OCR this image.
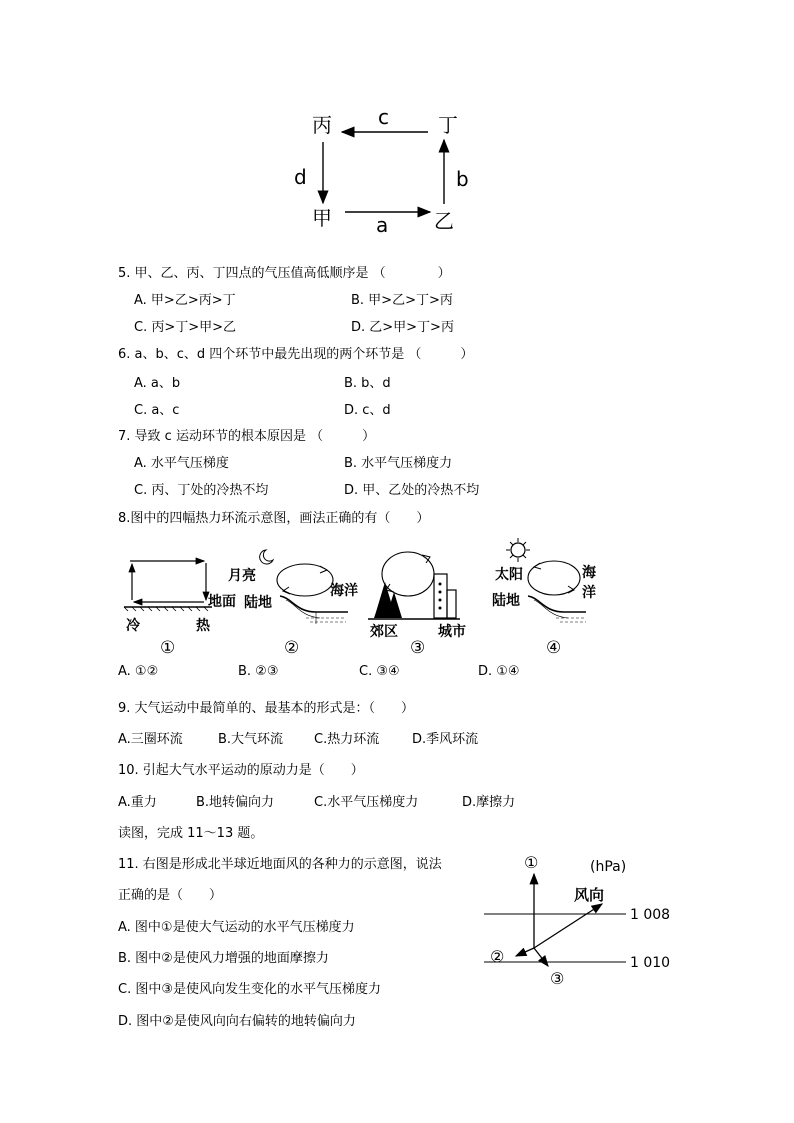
丙	丁
甲	乙
c
d	b
a
5. 甲、乙、丙、丁四点的气压值高低顺序是 （　　　　）
A. 甲>乙>丙>丁	B. 甲>乙>丁>丙
C. 丙>丁>甲>乙	D. 乙>甲>丁>丙
6. a、b、c、d 四个环节中最先出现的两个环节是 （　　　）
A. a、b	B. b、d
C. a、c	D. c、d
7. 导致 c 运动环节的根本原因是 （　　　）
A. 水平气压梯度	B. 水平气压梯度力
C. 丙、丁处的冷热不均	D. 甲、乙处的冷热不均
8.图中的四幅热力环流示意图，画法正确的有（　　）
地面
冷	热
①
月亮
陆地
海洋
②
郊区	城市
③
太阳
陆地
海
洋
④
A. ①②	B. ②③	C. ③④	D. ①④
9. 大气运动中最简单的、最基本的形式是：（　　）
A.三圈环流	B.大气环流 C.热力环流	D.季风环流
10. 引起大气水平运动的原动力是（　　）
A.重力	B.地转偏向力	C.水平气压梯度力	D.摩擦力
读图，完成 11～13 题。
11. 右图是形成北半球近地面风的各种力的示意图，说法
正确的是（　　）
A. 图中①是使大气运动的水平气压梯度力
B. 图中②是使风力增强的地面摩擦力
C. 图中③是使风向发生变化的水平气压梯度力
D. 图中②是使风向向右偏转的地转偏向力
①	(hPa)
风向
1 008
1 010
②
③
